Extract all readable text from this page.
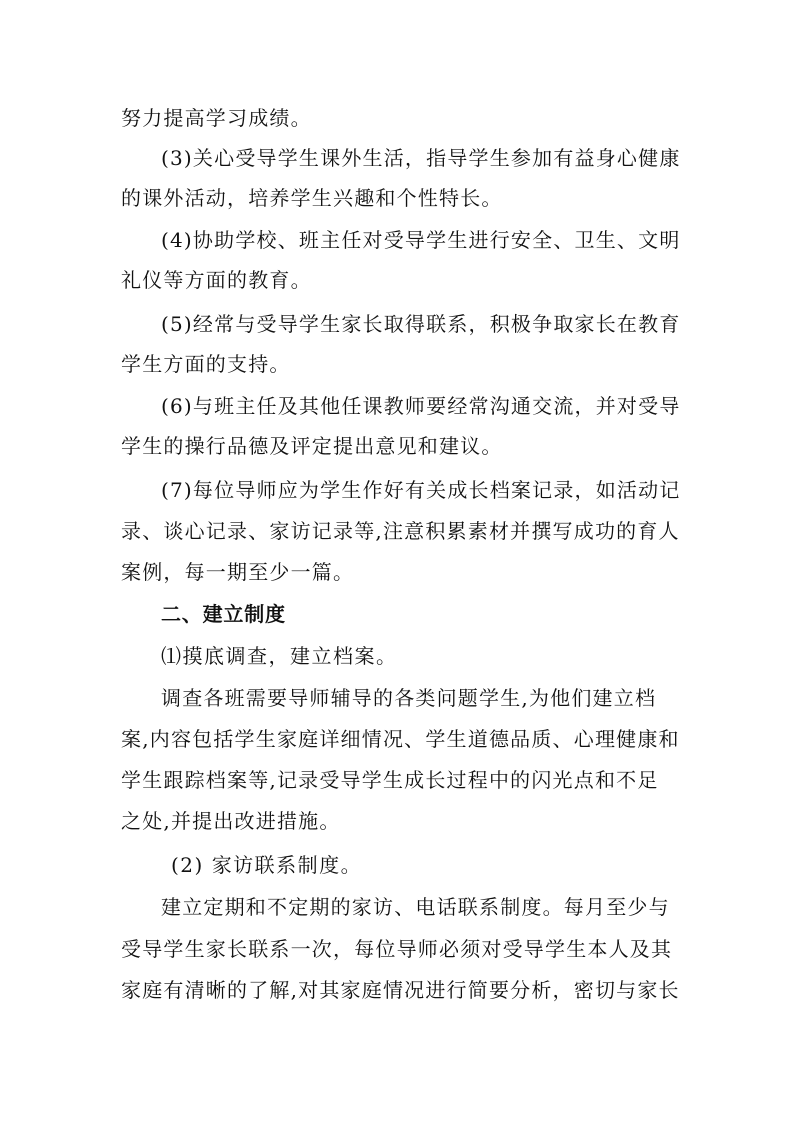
努力提高学习成绩。
(3)关心受导学生课外生活，指导学生参加有益身心健康
的课外活动，培养学生兴趣和个性特长。
(4)协助学校、班主任对受导学生进行安全、卫生、文明
礼仪等方面的教育。
(5)经常与受导学生家长取得联系，积极争取家长在教育
学生方面的支持。
(6)与班主任及其他任课教师要经常沟通交流，并对受导
学生的操行品德及评定提出意见和建议。
(7)每位导师应为学生作好有关成长档案记录，如活动记
录、谈心记录、家访记录等,注意积累素材并撰写成功的育人
案例，每一期至少一篇。
二、建立制度
⑴摸底调查，建立档案。
调查各班需要导师辅导的各类问题学生,为他们建立档
案,内容包括学生家庭详细情况、学生道德品质、心理健康和
学生跟踪档案等,记录受导学生成长过程中的闪光点和不足
之处,并提出改进措施。
(2) 家访联系制度。
建立定期和不定期的家访、电话联系制度。每月至少与
受导学生家长联系一次，每位导师必须对受导学生本人及其
家庭有清晰的了解,对其家庭情况进行简要分析，密切与家长
